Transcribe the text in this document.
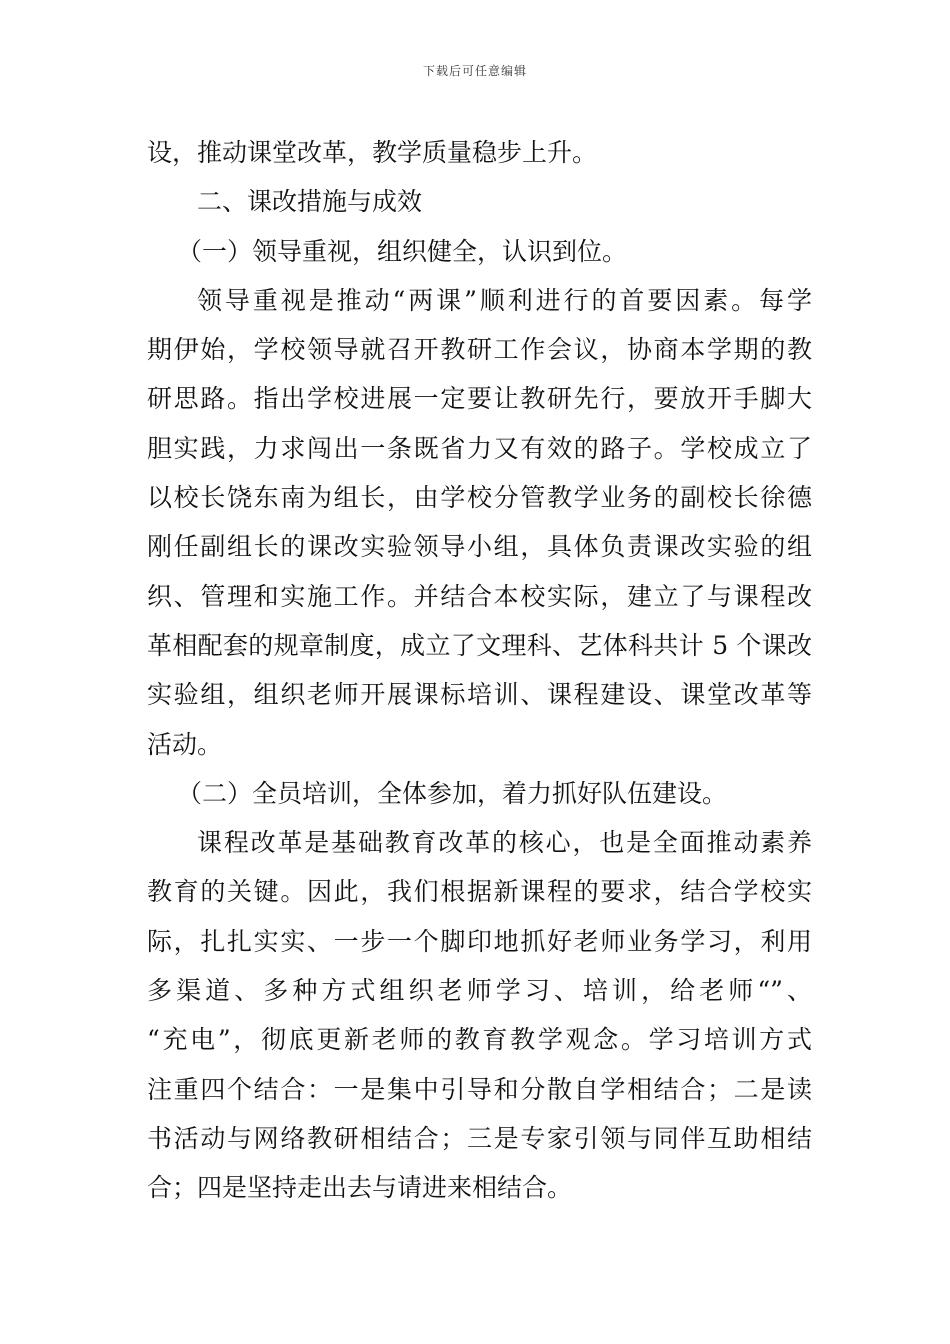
下载后可任意编辑
设，推动课堂改革，教学质量稳步上升。
二、课改措施与成效
（一）领导重视，组织健全，认识到位。
领导重视是推动“两课”顺利进行的首要因素。每学
期伊始，学校领导就召开教研工作会议，协商本学期的教
研思路。指出学校进展一定要让教研先行，要放开手脚大
胆实践，力求闯出一条既省力又有效的路子。学校成立了
以校长饶东南为组长，由学校分管教学业务的副校长徐德
刚任副组长的课改实验领导小组，具体负责课改实验的组
织、管理和实施工作。并结合本校实际，建立了与课程改
革相配套的规章制度，成立了文理科、艺体科共计 5 个课改
实验组，组织老师开展课标培训、课程建设、课堂改革等
活动。
（二）全员培训，全体参加，着力抓好队伍建设。
课程改革是基础教育改革的核心，也是全面推动素养
教育的关键。因此，我们根据新课程的要求，结合学校实
际，扎扎实实、一步一个脚印地抓好老师业务学习，利用
多渠道、多种方式组织老师学习、培训，给老师“”、
“充电”，彻底更新老师的教育教学观念。学习培训方式
注重四个结合：一是集中引导和分散自学相结合；二是读
书活动与网络教研相结合；三是专家引领与同伴互助相结
合；四是坚持走出去与请进来相结合。
